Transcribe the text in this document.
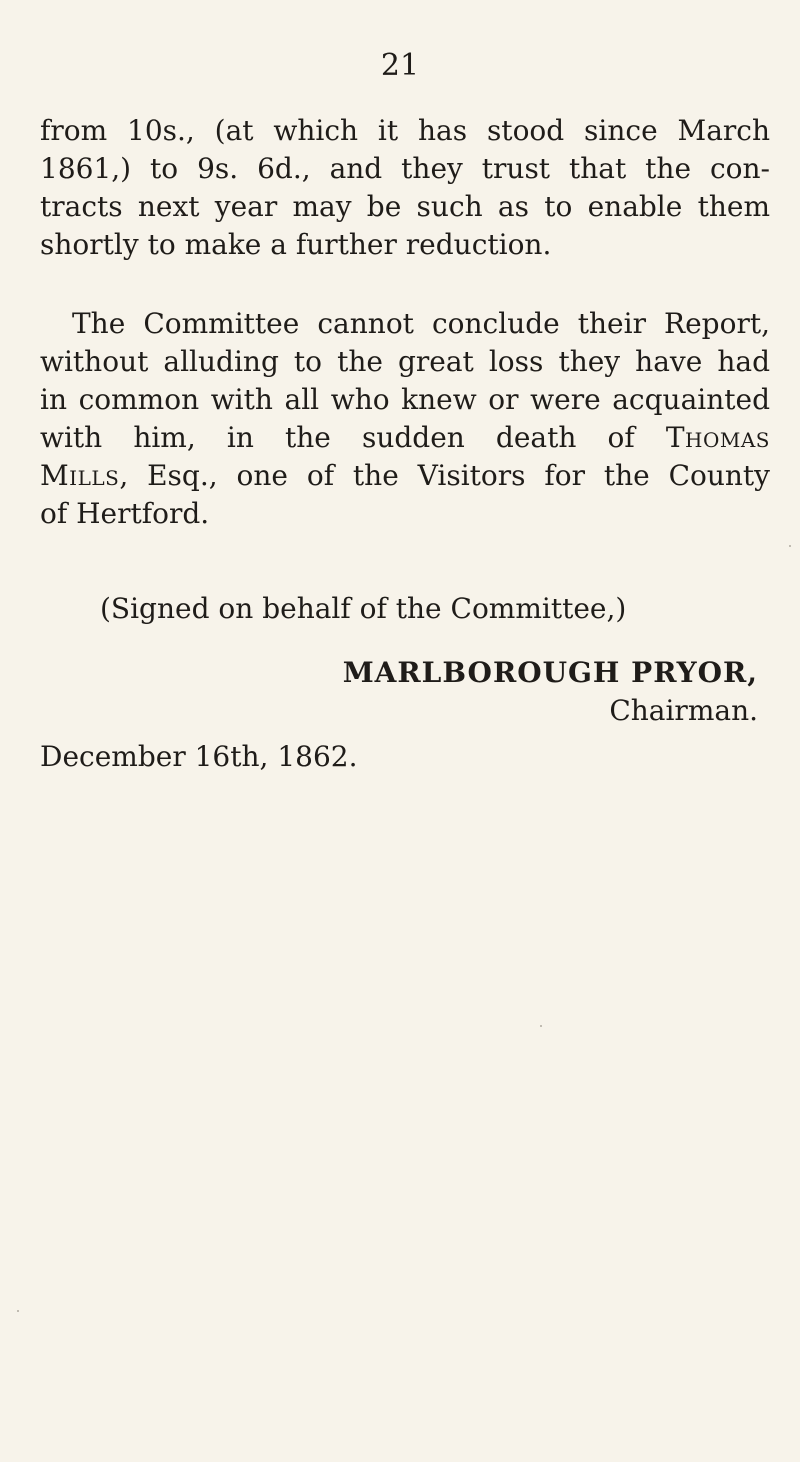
21
from 10s., (at which it has stood since March
1861,) to 9s. 6d., and they trust that the con-
tracts next year may be such as to enable them
shortly to make a further reduction.
The Committee cannot conclude their Report,
without alluding to the great loss they have had
in common with all who knew or were acquainted
with him, in the sudden death of Thomas
Mills, Esq., one of the Visitors for the County
of Hertford.
(Signed on behalf of the Committee,)
MARLBOROUGH PRYOR,
Chairman.
December 16th, 1862.
